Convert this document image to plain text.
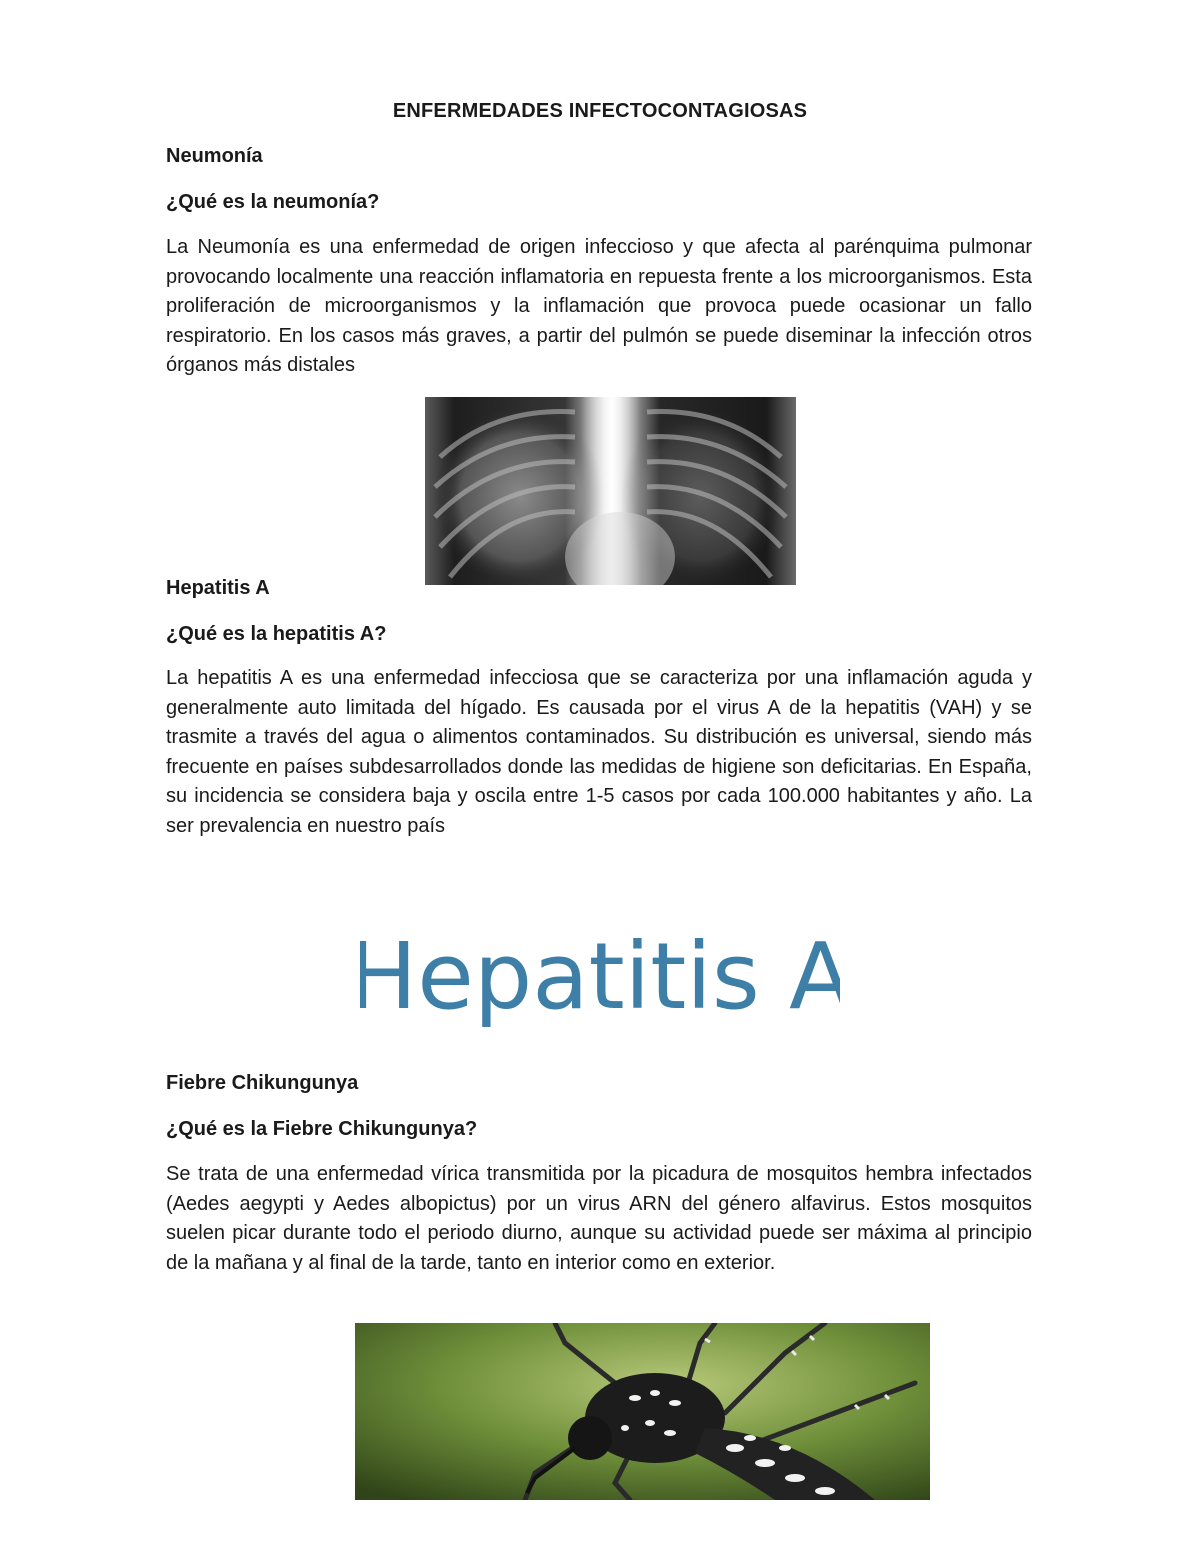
ENFERMEDADES INFECTOCONTAGIOSAS
Neumonía
¿Qué es la neumonía?
La Neumonía es una enfermedad de origen infeccioso y que afecta al parénquima pulmonar provocando localmente una reacción inflamatoria en repuesta frente a los microorganismos. Esta proliferación de microorganismos y la inflamación que provoca puede ocasionar un fallo respiratorio. En los casos más graves, a partir del pulmón se puede diseminar la infección otros órganos más distales
Hepatitis A
¿Qué es la hepatitis A?
La hepatitis A es una enfermedad infecciosa que se caracteriza por una inflamación aguda y generalmente auto limitada del hígado. Es causada por el virus A de la hepatitis (VAH) y se trasmite a través del agua o alimentos contaminados. Su distribución es universal, siendo más frecuente en países subdesarrollados donde las medidas de higiene son deficitarias. En España, su incidencia se considera baja y oscila entre 1-5 casos por cada 100.000 habitantes y año. La ser prevalencia en nuestro país
Hepatitis A
Fiebre Chikungunya
¿Qué es la Fiebre Chikungunya?
Se trata de una enfermedad vírica transmitida por la picadura de mosquitos hembra infectados (Aedes aegypti y Aedes albopictus) por un virus ARN del género alfavirus. Estos mosquitos suelen picar durante todo el periodo diurno, aunque su actividad puede ser máxima al principio de la mañana y al final de la tarde, tanto en interior como en exterior.
